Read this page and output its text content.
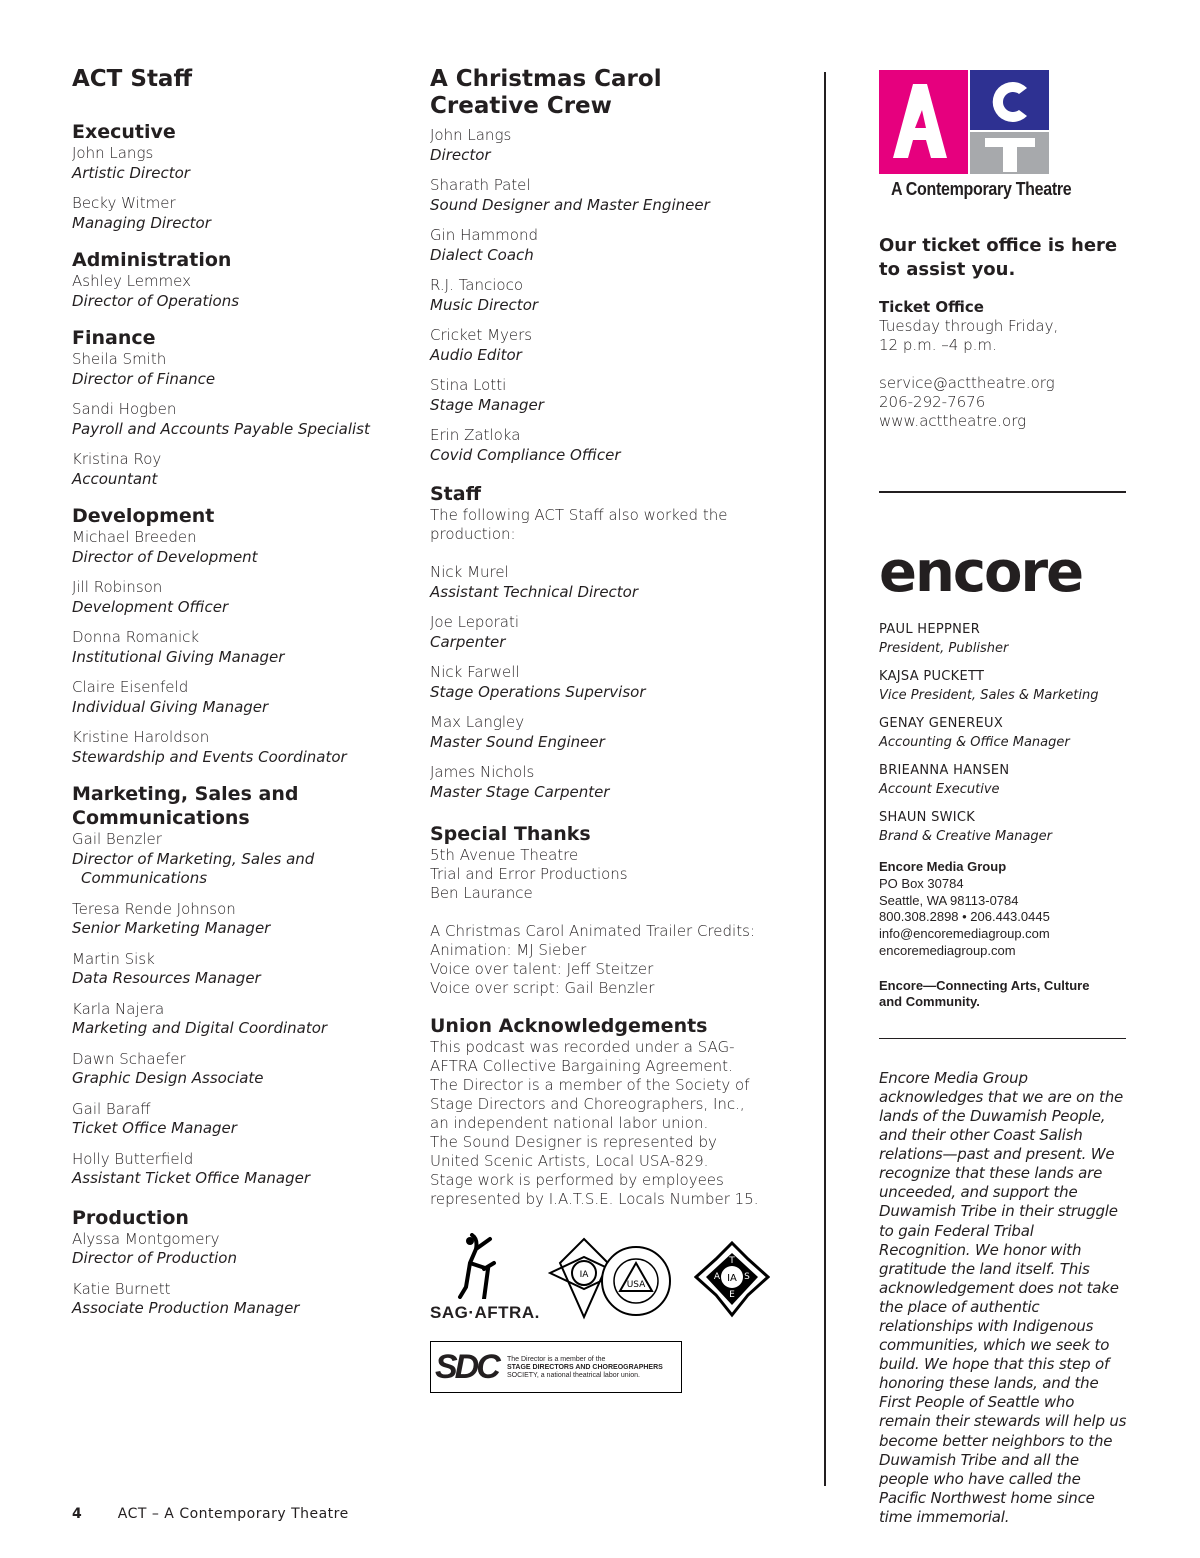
ACT Staff
Executive
John Langs
Artistic Director
Becky Witmer
Managing Director
Administration
Ashley Lemmex
Director of Operations
Finance
Sheila Smith
Director of Finance
Sandi Hogben
Payroll and Accounts Payable Specialist
Kristina Roy
Accountant
Development
Michael Breeden
Director of Development
Jill Robinson
Development Officer
Donna Romanick
Institutional Giving Manager
Claire Eisenfeld
Individual Giving Manager
Kristine Haroldson
Stewardship and Events Coordinator
Marketing, Sales and
Communications
Gail Benzler
Director of Marketing, Sales and
Communications
Teresa Rende Johnson
Senior Marketing Manager
Martin Sisk
Data Resources Manager
Karla Najera
Marketing and Digital Coordinator
Dawn Schaefer
Graphic Design Associate
Gail Baraff
Ticket Office Manager
Holly Butterfield
Assistant Ticket Office Manager
Production
Alyssa Montgomery
Director of Production
Katie Burnett
Associate Production Manager
A Christmas Carol
Creative Crew
John Langs
Director
Sharath Patel
Sound Designer and Master Engineer
Gin Hammond
Dialect Coach
R.J. Tancioco
Music Director
Cricket Myers
Audio Editor
Stina Lotti
Stage Manager
Erin Zatloka
Covid Compliance Officer
Staff
The following ACT Staff also worked the production:
Nick Murel
Assistant Technical Director
Joe Leporati
Carpenter
Nick Farwell
Stage Operations Supervisor
Max Langley
Master Sound Engineer
James Nichols
Master Stage Carpenter
Special Thanks
5th Avenue Theatre
Trial and Error Productions
Ben Laurance
A Christmas Carol Animated Trailer Credits:
Animation: MJ Sieber
Voice over talent: Jeff Steitzer
Voice over script: Gail Benzler
Union Acknowledgements
This podcast was recorded under a SAG- AFTRA Collective Bargaining Agreement.
The Director is a member of the Society of Stage Directors and Choreographers, Inc., an independent national labor union.
The Sound Designer is represented by United Scenic Artists, Local USA-829.
Stage work is performed by employees represented by I.A.T.S.E. Locals Number 15.
SAG·AFTRA.
IA
USA
IA
T
A	S
E
SDC The Director is a member of the
STAGE DIRECTORS AND CHOREOGRAPHERS
SOCIETY, a national theatrical labor union.
A Contemporary Theatre
Our ticket office is here
to assist you.
Ticket Office
Tuesday through Friday,
12 p.m. –4 p.m.
service@acttheatre.org
206-292-7676
www.acttheatre.org
encore
PAUL HEPPNER
President, Publisher
KAJSA PUCKETT
Vice President, Sales & Marketing
GENAY GENEREUX
Accounting & Office Manager
BRIEANNA HANSEN
Account Executive
SHAUN SWICK
Brand & Creative Manager
Encore Media Group
PO Box 30784
Seattle, WA 98113-0784
800.308.2898 • 206.443.0445
info@encoremediagroup.com
encoremediagroup.com
Encore—Connecting Arts, Culture
and Community.
Encore Media Group acknowledges that we are on the lands of the Duwamish People, and their other Coast Salish relations—past and present. We recognize that these lands are unceeded, and support the Duwamish Tribe in their struggle to gain Federal Tribal Recognition. We honor with gratitude the land itself. This acknowledgement does not take the place of authentic relationships with Indigenous communities, which we seek to build. We hope that this step of honoring these lands, and the First People of Seattle who remain their stewards will help us become better neighbors to the Duwamish Tribe and all the people who have called the Pacific Northwest home since time immemorial.
4	ACT – A Contemporary Theatre
